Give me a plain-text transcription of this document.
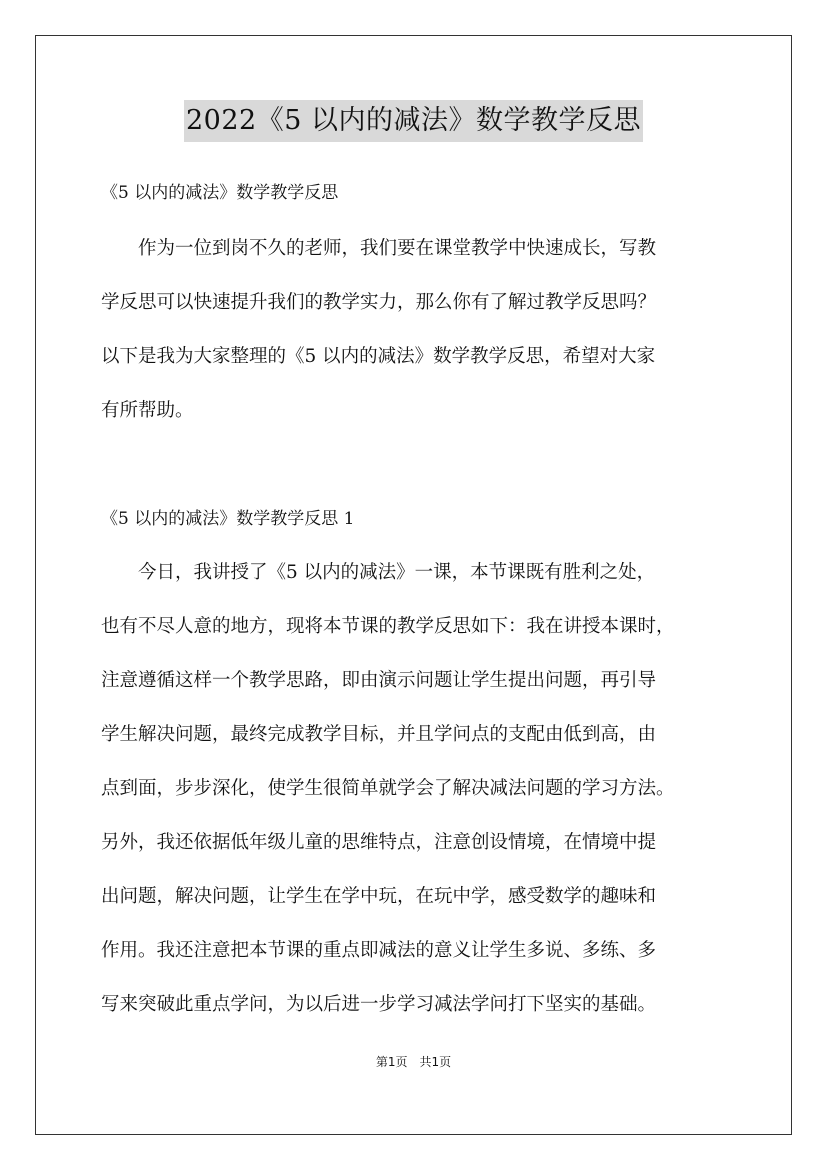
2022《5 以内的减法》数学教学反思
《5 以内的减法》数学教学反思
　　作为一位到岗不久的老师，我们要在课堂教学中快速成长，写教
学反思可以快速提升我们的教学实力，那么你有了解过教学反思吗？
以下是我为大家整理的《5 以内的减法》数学教学反思，希望对大家
有所帮助。
《5 以内的减法》数学教学反思 1
　　今日，我讲授了《5 以内的减法》一课，本节课既有胜利之处，
也有不尽人意的地方，现将本节课的教学反思如下：我在讲授本课时，
注意遵循这样一个教学思路，即由演示问题让学生提出问题，再引导
学生解决问题，最终完成教学目标，并且学问点的支配由低到高，由
点到面，步步深化，使学生很简单就学会了解决减法问题的学习方法。
另外，我还依据低年级儿童的思维特点，注意创设情境，在情境中提
出问题，解决问题，让学生在学中玩，在玩中学，感受数学的趣味和
作用。我还注意把本节课的重点即减法的意义让学生多说、多练、多
写来突破此重点学问，为以后进一步学习减法学问打下坚实的基础。
第1页　共1页
